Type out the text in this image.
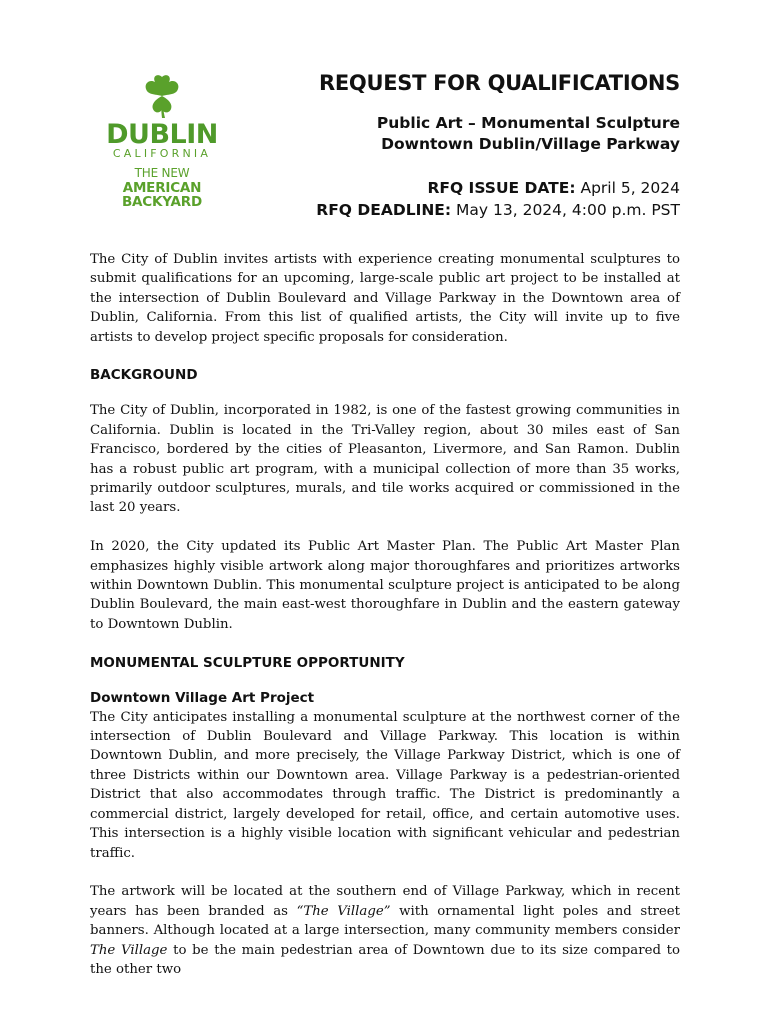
DUBLIN
CALIFORNIA
THE NEW
AMERICAN
BACKYARD
REQUEST FOR QUALIFICATIONS
Public Art – Monumental Sculpture
Downtown Dublin/Village Parkway
RFQ ISSUE DATE: April 5, 2024
RFQ DEADLINE: May 13, 2024, 4:00 p.m. PST

The City of Dublin invites artists with experience creating monumental sculptures to submit qualifications for an upcoming, large-scale public art project to be installed at the intersection of Dublin Boulevard and Village Parkway in the Downtown area of Dublin, California. From this list of qualified artists, the City will invite up to five artists to develop project specific proposals for consideration.

BACKGROUND

The City of Dublin, incorporated in 1982, is one of the fastest growing communities in California. Dublin is located in the Tri-Valley region, about 30 miles east of San Francisco, bordered by the cities of Pleasanton, Livermore, and San Ramon. Dublin has a robust public art program, with a municipal collection of more than 35 works, primarily outdoor sculptures, murals, and tile works acquired or commissioned in the last 20 years.

In 2020, the City updated its Public Art Master Plan. The Public Art Master Plan emphasizes highly visible artwork along major thoroughfares and prioritizes artworks within Downtown Dublin. This monumental sculpture project is anticipated to be along Dublin Boulevard, the main east-west thoroughfare in Dublin and the eastern gateway to Downtown Dublin.

MONUMENTAL SCULPTURE OPPORTUNITY
Downtown Village Art Project

The City anticipates installing a monumental sculpture at the northwest corner of the intersection of Dublin Boulevard and Village Parkway. This location is within Downtown Dublin, and more precisely, the Village Parkway District, which is one of three Districts within our Downtown area. Village Parkway is a pedestrian-oriented District that also accommodates through traffic. The District is predominantly a commercial district, largely developed for retail, office, and certain automotive uses. This intersection is a highly visible location with significant vehicular and pedestrian traffic.

The artwork will be located at the southern end of Village Parkway, which in recent years has been branded as “The Village” with ornamental light poles and street banners. Although located at a large intersection, many community members consider The Village to be the main pedestrian area of Downtown due to its size compared to the other two
